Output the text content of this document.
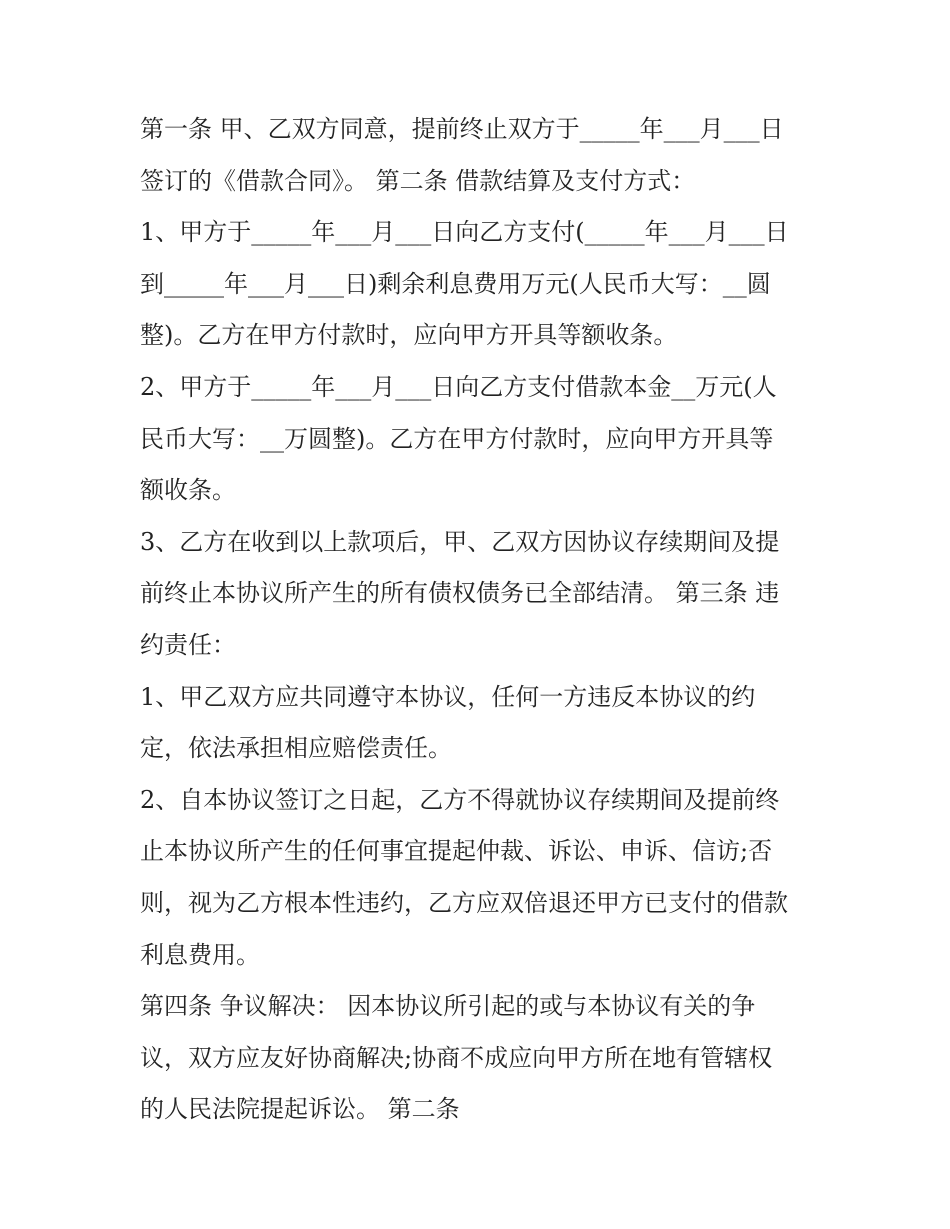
第一条 甲、乙双方同意，提前终止双方于_____年___月___日
签订的《借款合同》。 第二条 借款结算及支付方式：
1、甲方于_____年___月___日向乙方支付(_____年___月___日
到_____年___月___日)剩余利息费用万元(人民币大写：__圆
整)。乙方在甲方付款时，应向甲方开具等额收条。
2、甲方于_____年___月___日向乙方支付借款本金__万元(人
民币大写：__万圆整)。乙方在甲方付款时，应向甲方开具等
额收条。
3、乙方在收到以上款项后，甲、乙双方因协议存续期间及提
前终止本协议所产生的所有债权债务已全部结清。 第三条 违
约责任：
1、甲乙双方应共同遵守本协议，任何一方违反本协议的约
定，依法承担相应赔偿责任。
2、自本协议签订之日起，乙方不得就协议存续期间及提前终
止本协议所产生的任何事宜提起仲裁、诉讼、申诉、信访;否
则，视为乙方根本性违约，乙方应双倍退还甲方已支付的借款
利息费用。
第四条 争议解决： 因本协议所引起的或与本协议有关的争
议，双方应友好协商解决;协商不成应向甲方所在地有管辖权
的人民法院提起诉讼。 第二条
